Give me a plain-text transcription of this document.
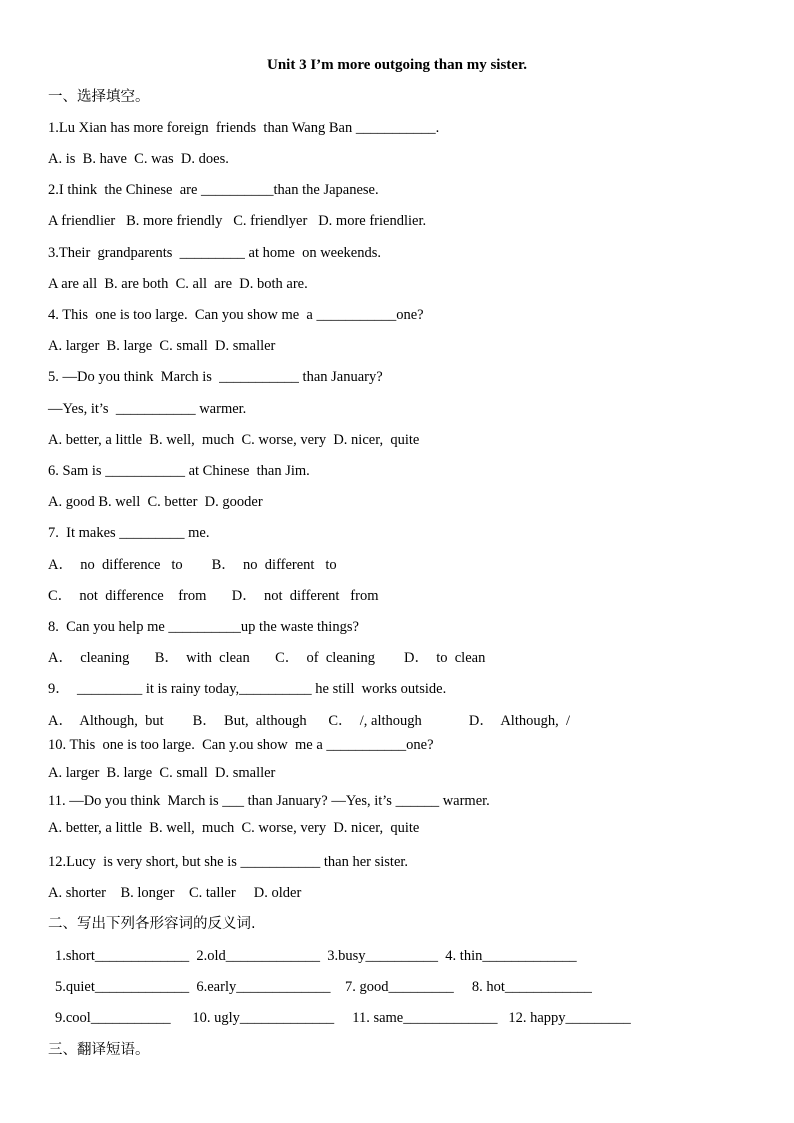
Unit 3 I’m more outgoing than my sister.
一、选择填空。
1.Lu Xian has more foreign  friends  than Wang Ban ___________.
A. is  B. have  C. was  D. does.
2.I think  the Chinese  are __________than the Japanese.
A friendlier   B. more friendly   C. friendlyer   D. more friendlier.
3.Their  grandparents  _________ at home  on weekends.
A are all  B. are both  C. all  are  D. both are.
4. This  one is too large.  Can you show me  a ___________one?
A. larger  B. large  C. small  D. smaller
5. —Do you think  March is  ___________ than January?
—Yes, it’s  ___________ warmer.
A. better, a little  B. well,  much  C. worse, very  D. nicer,  quite
6. Sam is ___________ at Chinese  than Jim.
A. good B. well  C. better  D. gooder
7.  It makes _________ me.
A．  no  difference   to        B．  no  different   to
C．  not  difference    from       D．  not  different   from
8.  Can you help me __________up the waste things?
A．  cleaning       B．  with  clean       C．  of  cleaning        D．  to  clean
9．  _________ it is rainy today,__________ he still  works outside.
A．  Although,  but        B．  But,  although      C．  /, although             D．  Although,  /
10. This  one is too large.  Can y.ou show  me a ___________one?
A. larger  B. large  C. small  D. smaller
11. —Do you think  March is ___ than January? —Yes, it’s ______ warmer.
A. better, a little  B. well,  much  C. worse, very  D. nicer,  quite
12.Lucy  is very short, but she is ___________ than her sister.
A. shorter    B. longer    C. taller     D. older
二、写出下列各形容词的反义词.
1.short_____________  2.old_____________  3.busy__________  4. thin_____________
5.quiet_____________  6.early_____________    7. good_________     8. hot____________
9.cool___________      10. ugly_____________     11. same_____________   12. happy_________
三、翻译短语。
